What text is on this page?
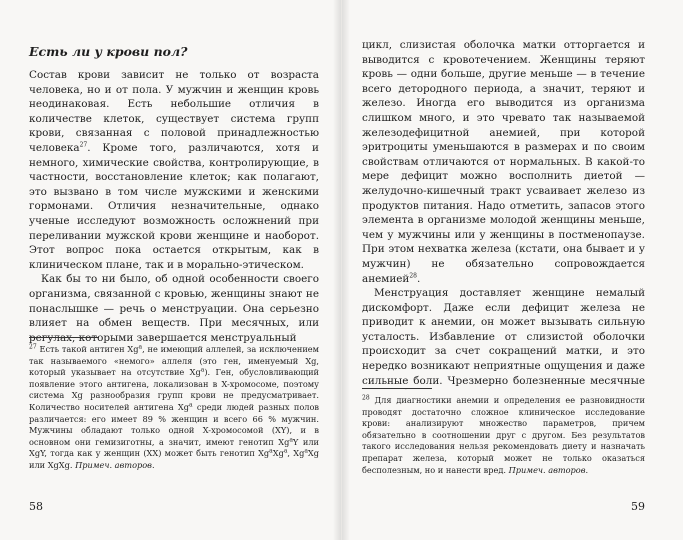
Есть ли у крови пол?

Состав крови зависит не только от возраста человека, но и от пола. У мужчин и женщин кровь неодинаковая. Есть небольшие отличия в количестве клеток, существует система групп крови, связанная с половой принадлежностью человека$^{27}$. Кроме того, различаются, хотя и немного, химические свойства, контролирующие, в частности, восстановление клеток; как полагают, это вызвано в том числе мужскими и женскими гормонами. Отличия незначительные, однако ученые исследуют возможность осложнений при переливании мужской крови женщине и наоборот. Этот вопрос пока остается открытым, как в клиническом плане, так и в морально-этическом.

Как бы то ни было, об одной особенности своего организма, связанной с кровью, женщины знают не понаслышке — речь о менструации. Она серьезно влияет на обмен веществ. При месячных, или регулах, которыми завершается менструальный

$^{27}$ Есть такой антиген Xg$^a$, не имеющий аллелей, за исключением так называемого «немого» аллеля (это ген, именуемый Xg, который указывает на отсутствие Xg$^a$). Ген, обусловливающий появление этого антигена, локализован в X-хромосоме, поэтому система Xg разнообразия групп крови не предусматривает. Количество носителей антигена Xg$^a$ среди людей разных полов различается: его имеет 89 % женщин и всего 66 % мужчин. Мужчины обладают только одной X-хромосомой (XY), и в основном они гемизиготны, а значит, имеют генотип Xg$^a$Y или XgY, тогда как у женщин (XX) может быть генотип Xg$^a$Xg$^a$, Xg$^a$Xg или XgXg. Примеч. авторов.

58

цикл, слизистая оболочка матки отторгается и выводится с кровотечением. Женщины теряют кровь — одни больше, другие меньше — в течение всего детородного периода, а значит, теряют и железо. Иногда его выводится из организма слишком много, и это чревато так называемой железодефицитной анемией, при которой эритроциты уменьшаются в размерах и по своим свойствам отличаются от нормальных. В какой-то мере дефицит можно восполнить диетой — желудочно-кишечный тракт усваивает железо из продуктов питания. Надо отметить, запасов этого элемента в организме молодой женщины меньше, чем у мужчины или у женщины в постменопаузе. При этом нехватка железа (кстати, она бывает и у мужчин) не обязательно сопровождается анемией$^{28}$.

Менструация доставляет женщине немалый дискомфорт. Даже если дефицит железа не приводит к анемии, он может вызывать сильную усталость. Избавление от слизистой оболочки происходит за счет сокращений матки, и это нередко возникают неприятные ощущения и даже сильные боли. Чрезмерно болезненные месячные

$^{28}$ Для диагностики анемии и определения ее разновидности проводят достаточно сложное клиническое исследование крови: анализируют множество параметров, причем обязательно в соотношении друг с другом. Без результатов такого исследования нельзя рекомендовать диету и назначать препарат железа, который может не только оказаться бесполезным, но и нанести вред. Примеч. авторов.

59
